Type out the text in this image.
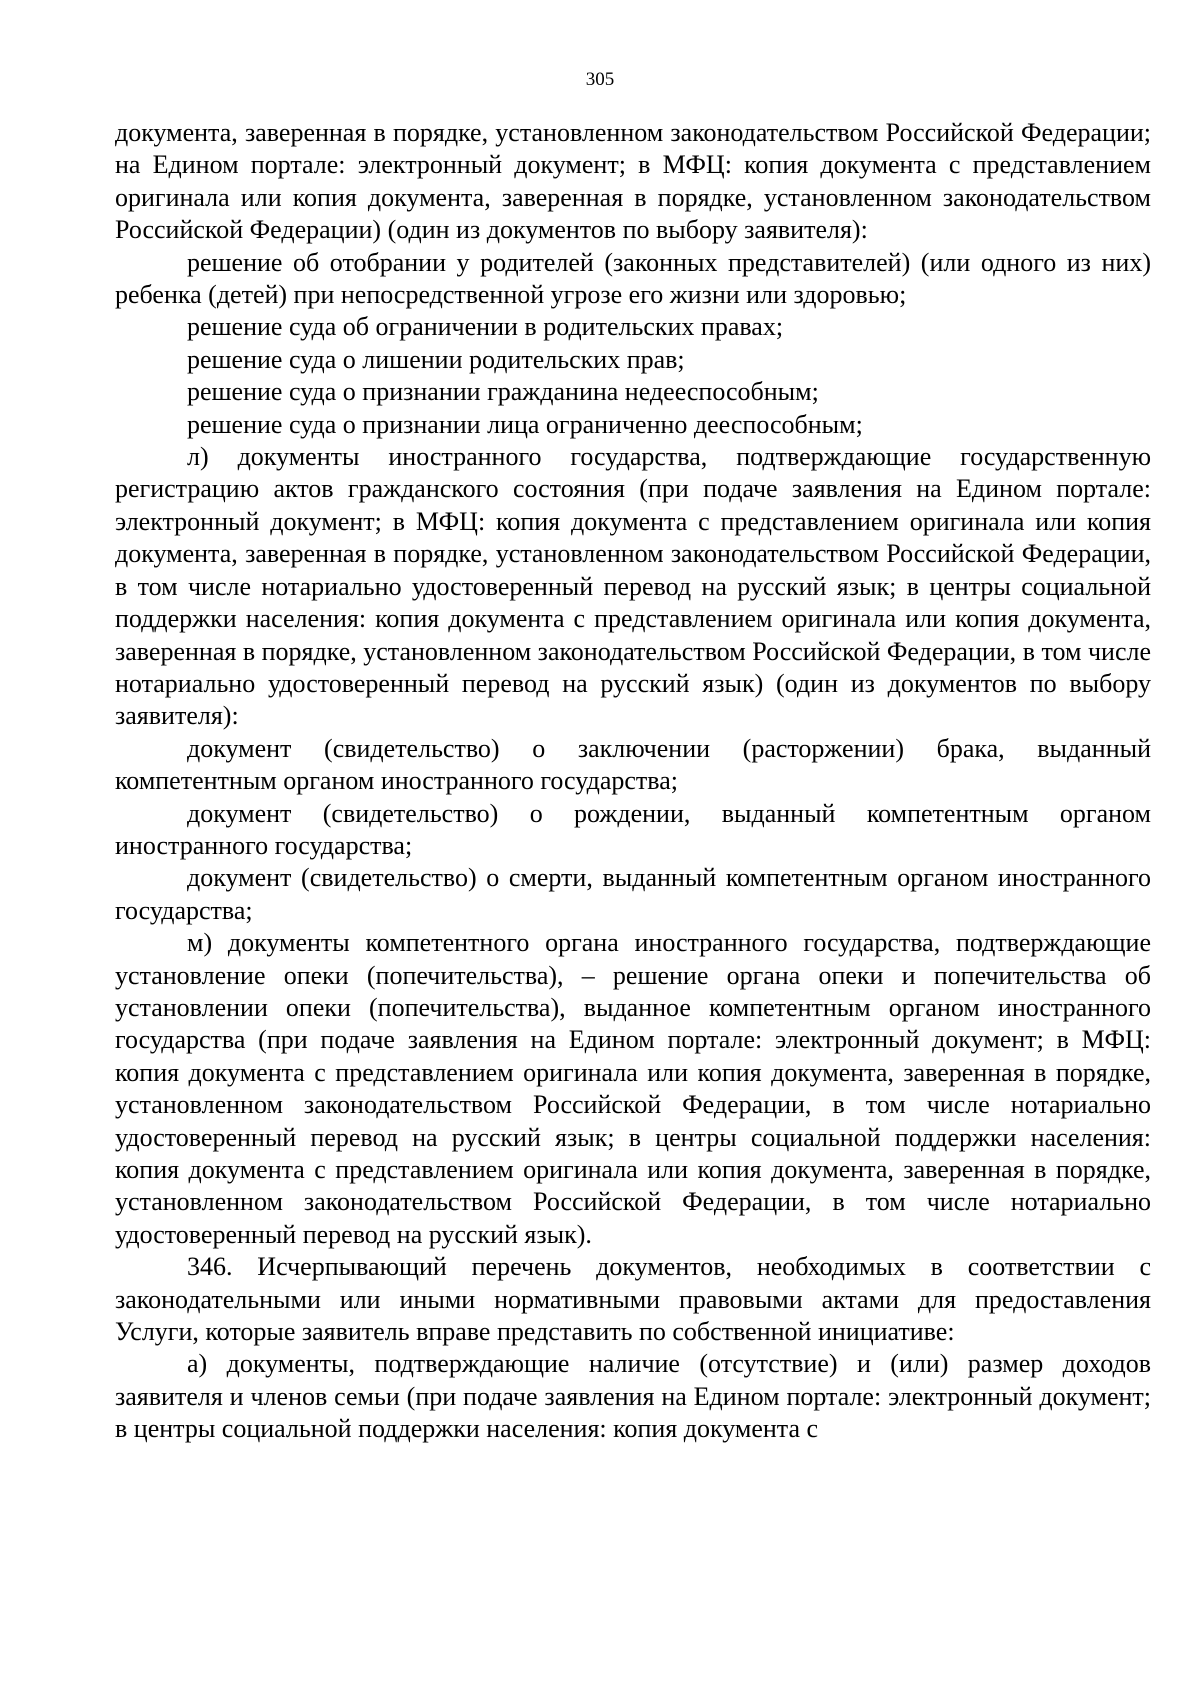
305

документа, заверенная в порядке, установленном законодательством Российской Федерации; на Едином портале: электронный документ; в МФЦ: копия документа с представлением оригинала или копия документа, заверенная в порядке, установленном законодательством Российской Федерации) (один из документов по выбору заявителя):

решение об отобрании у родителей (законных представителей) (или одного из них) ребенка (детей) при непосредственной угрозе его жизни или здоровью;

решение суда об ограничении в родительских правах;

решение суда о лишении родительских прав;

решение суда о признании гражданина недееспособным;

решение суда о признании лица ограниченно дееспособным;

л) документы иностранного государства, подтверждающие государственную регистрацию актов гражданского состояния (при подаче заявления на Едином портале: электронный документ; в МФЦ: копия документа с представлением оригинала или копия документа, заверенная в порядке, установленном законодательством Российской Федерации, в том числе нотариально удостоверенный перевод на русский язык; в центры социальной поддержки населения: копия документа с представлением оригинала или копия документа, заверенная в порядке, установленном законодательством Российской Федерации, в том числе нотариально удостоверенный перевод на русский язык) (один из документов по выбору заявителя):

документ (свидетельство) о заключении (расторжении) брака, выданный компетентным органом иностранного государства;

документ (свидетельство) о рождении, выданный компетентным органом иностранного государства;

документ (свидетельство) о смерти, выданный компетентным органом иностранного государства;

м) документы компетентного органа иностранного государства, подтверждающие установление опеки (попечительства), – решение органа опеки и попечительства об установлении опеки (попечительства), выданное компетентным органом иностранного государства (при подаче заявления на Едином портале: электронный документ; в МФЦ: копия документа с представлением оригинала или копия документа, заверенная в порядке, установленном законодательством Российской Федерации, в том числе нотариально удостоверенный перевод на русский язык; в центры социальной поддержки населения: копия документа с представлением оригинала или копия документа, заверенная в порядке, установленном законодательством Российской Федерации, в том числе нотариально удостоверенный перевод на русский язык).

346. Исчерпывающий перечень документов, необходимых в соответствии с законодательными или иными нормативными правовыми актами для предоставления Услуги, которые заявитель вправе представить по собственной инициативе:

а) документы, подтверждающие наличие (отсутствие) и (или) размер доходов заявителя и членов семьи (при подаче заявления на Едином портале: электронный документ; в центры социальной поддержки населения: копия документа с
